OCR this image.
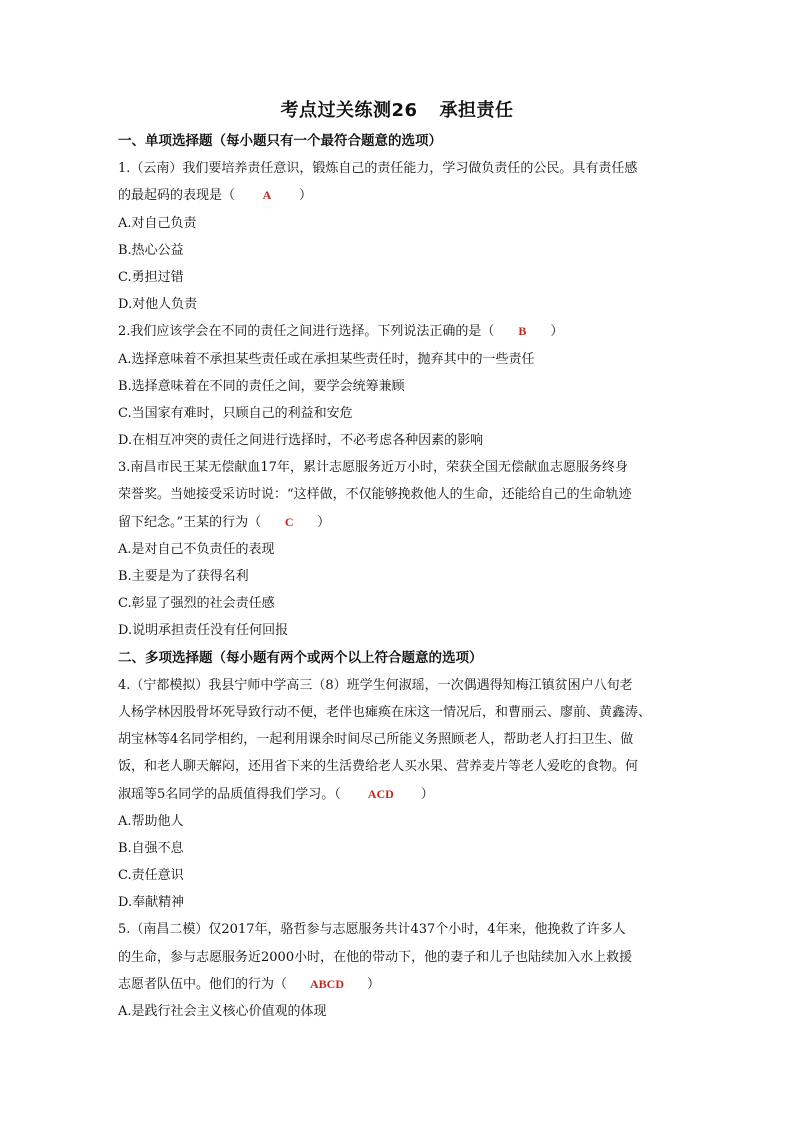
考点过关练测26 承担责任
一、单项选择题（每小题只有一个最符合题意的选项）
1.（云南）我们要培养责任意识，锻炼自己的责任能力，学习做负责任的公民。具有责任感
的最起码的表现是（ A ）
A.对自己负责
B.热心公益
C.勇担过错
D.对他人负责
2.我们应该学会在不同的责任之间进行选择。下列说法正确的是（ B ）
A.选择意味着不承担某些责任或在承担某些责任时，抛弃其中的一些责任
B.选择意味着在不同的责任之间，要学会统筹兼顾
C.当国家有难时，只顾自己的利益和安危
D.在相互冲突的责任之间进行选择时，不必考虑各种因素的影响
3.南昌市民王某无偿献血17年，累计志愿服务近万小时，荣获全国无偿献血志愿服务终身
荣誉奖。当她接受采访时说：“这样做，不仅能够挽救他人的生命，还能给自己的生命轨迹
留下纪念。”王某的行为（ C ）
A.是对自己不负责任的表现
B.主要是为了获得名利
C.彰显了强烈的社会责任感
D.说明承担责任没有任何回报
二、多项选择题（每小题有两个或两个以上符合题意的选项）
4.（宁都模拟）我县宁师中学高三（8）班学生何淑瑶，一次偶遇得知梅江镇贫困户八旬老
人杨学林因股骨坏死导致行动不便，老伴也瘫痪在床这一情况后，和曹丽云、廖前、黄鑫涛、
胡宝林等4名同学相约，一起利用课余时间尽己所能义务照顾老人，帮助老人打扫卫生、做
饭，和老人聊天解闷，还用省下来的生活费给老人买水果、营养麦片等老人爱吃的食物。何
淑瑶等5名同学的品质值得我们学习。（ ACD ）
A.帮助他人
B.自强不息
C.责任意识
D.奉献精神
5.（南昌二模）仅2017年，骆哲参与志愿服务共计437个小时，4年来，他挽救了许多人
的生命，参与志愿服务近2000小时，在他的带动下，他的妻子和儿子也陆续加入水上救援
志愿者队伍中。他们的行为（ ABCD ）
A.是践行社会主义核心价值观的体现
